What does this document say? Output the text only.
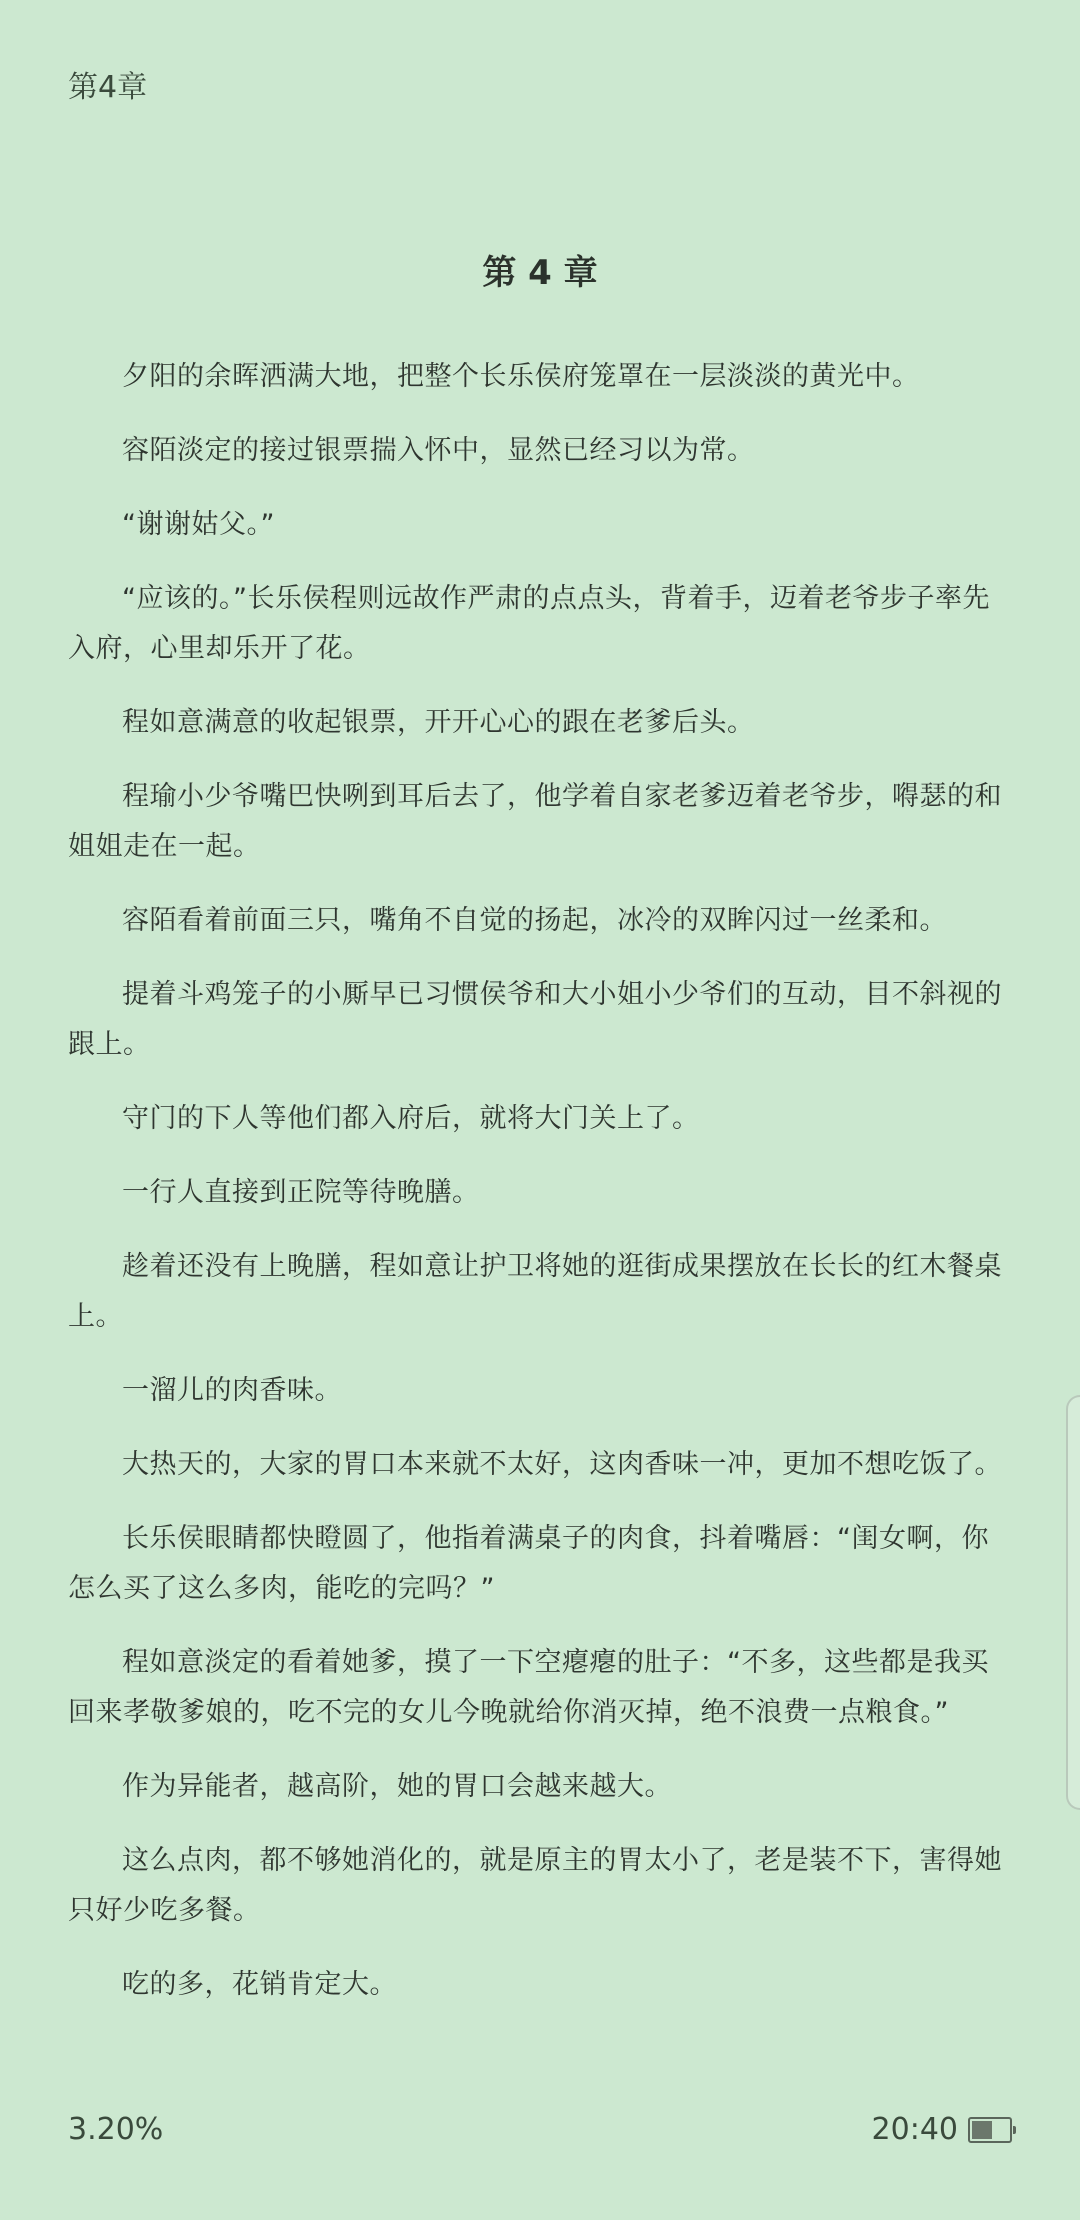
第4章
第 4 章

夕阳的余晖洒满大地，把整个长乐侯府笼罩在一层淡淡的黄光中。

容陌淡定的接过银票揣入怀中，显然已经习以为常。

“谢谢姑父。”

“应该的。”长乐侯程则远故作严肃的点点头，背着手，迈着老爷步子率先入府，心里却乐开了花。

程如意满意的收起银票，开开心心的跟在老爹后头。

程瑜小少爷嘴巴快咧到耳后去了，他学着自家老爹迈着老爷步，嘚瑟的和姐姐走在一起。

容陌看着前面三只，嘴角不自觉的扬起，冰冷的双眸闪过一丝柔和。

提着斗鸡笼子的小厮早已习惯侯爷和大小姐小少爷们的互动，目不斜视的跟上。

守门的下人等他们都入府后，就将大门关上了。

一行人直接到正院等待晚膳。

趁着还没有上晚膳，程如意让护卫将她的逛街成果摆放在长长的红木餐桌上。

一溜儿的肉香味。

大热天的，大家的胃口本来就不太好，这肉香味一冲，更加不想吃饭了。

长乐侯眼睛都快瞪圆了，他指着满桌子的肉食，抖着嘴唇：“闺女啊，你怎么买了这么多肉，能吃的完吗？”

程如意淡定的看着她爹，摸了一下空瘪瘪的肚子：“不多，这些都是我买回来孝敬爹娘的，吃不完的女儿今晚就给你消灭掉，绝不浪费一点粮食。”

作为异能者，越高阶，她的胃口会越来越大。

这么点肉，都不够她消化的，就是原主的胃太小了，老是装不下，害得她只好少吃多餐。

吃的多，花销肯定大。

3.20%	20:40
